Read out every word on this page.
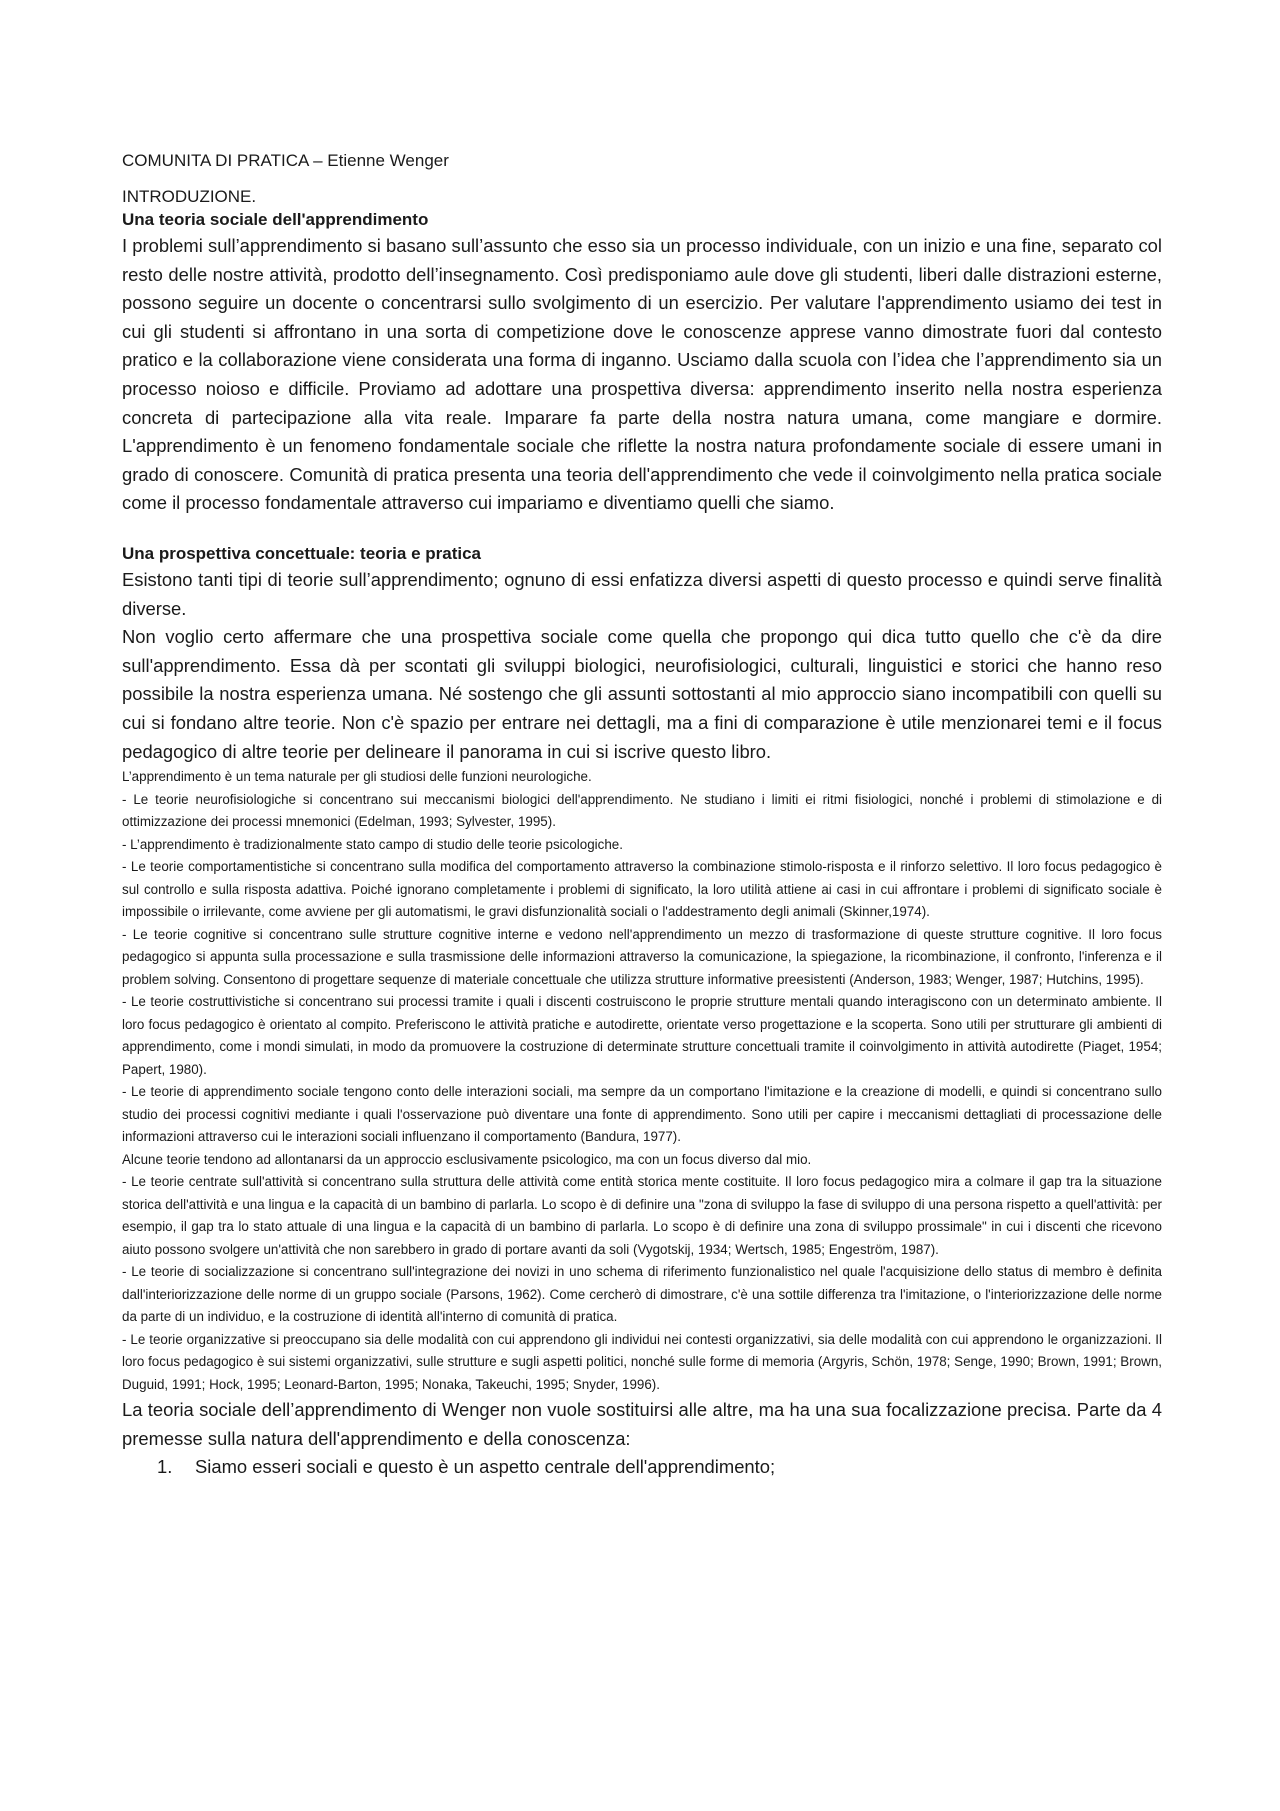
COMUNITA DI PRATICA – Etienne Wenger

INTRODUZIONE.

Una teoria sociale dell'apprendimento

I problemi sull’apprendimento si basano sull’assunto che esso sia un processo individuale, con un inizio e una fine, separato col resto delle nostre attività, prodotto dell’insegnamento. Così predisponiamo aule dove gli studenti, liberi dalle distrazioni esterne, possono seguire un docente o concentrarsi sullo svolgimento di un esercizio. Per valutare l'apprendimento usiamo dei test in cui gli studenti si affrontano in una sorta di competizione dove le conoscenze apprese vanno dimostrate fuori dal contesto pratico e la collaborazione viene considerata una forma di inganno. Usciamo dalla scuola con l’idea che l’apprendimento sia un processo noioso e difficile. Proviamo ad adottare una prospettiva diversa: apprendimento inserito nella nostra esperienza concreta di partecipazione alla vita reale. Imparare fa parte della nostra natura umana, come mangiare e dormire. L'apprendimento è un fenomeno fondamentale sociale che riflette la nostra natura profondamente sociale di essere umani in grado di conoscere. Comunità di pratica presenta una teoria dell'apprendimento che vede il coinvolgimento nella pratica sociale come il processo fondamentale attraverso cui impariamo e diventiamo quelli che siamo.

Una prospettiva concettuale: teoria e pratica

Esistono tanti tipi di teorie sull’apprendimento; ognuno di essi enfatizza diversi aspetti di questo processo e quindi serve finalità diverse.

Non voglio certo affermare che una prospettiva sociale come quella che propongo qui dica tutto quello che c'è da dire sull'apprendimento. Essa dà per scontati gli sviluppi biologici, neurofisiologici, culturali, linguistici e storici che hanno reso possibile la nostra esperienza umana. Né sostengo che gli assunti sottostanti al mio approccio siano incompatibili con quelli su cui si fondano altre teorie. Non c'è spazio per entrare nei dettagli, ma a fini di comparazione è utile menzionarei temi e il focus pedagogico di altre teorie per delineare il panorama in cui si iscrive questo libro.

L’apprendimento è un tema naturale per gli studiosi delle funzioni neurologiche.

- Le teorie neurofisiologiche si concentrano sui meccanismi biologici dell'apprendimento. Ne studiano i limiti ei ritmi fisiologici, nonché i problemi di stimolazione e di ottimizzazione dei processi mnemonici (Edelman, 1993; Sylvester, 1995).

- L’apprendimento è tradizionalmente stato campo di studio delle teorie psicologiche.

- Le teorie comportamentistiche si concentrano sulla modifica del comportamento attraverso la combinazione stimolo-risposta e il rinforzo selettivo. Il loro focus pedagogico è sul controllo e sulla risposta adattiva. Poiché ignorano completamente i problemi di significato, la loro utilità attiene ai casi in cui affrontare i problemi di significato sociale è impossibile o irrilevante, come avviene per gli automatismi, le gravi disfunzionalità sociali o l'addestramento degli animali (Skinner,1974).

- Le teorie cognitive si concentrano sulle strutture cognitive interne e vedono nell'apprendimento un mezzo di trasformazione di queste strutture cognitive. Il loro focus pedagogico si appunta sulla processazione e sulla trasmissione delle informazioni attraverso la comunicazione, la spiegazione, la ricombinazione, il confronto, l'inferenza e il problem solving. Consentono di progettare sequenze di materiale concettuale che utilizza strutture informative preesistenti (Anderson, 1983; Wenger, 1987; Hutchins, 1995).

- Le teorie costruttivistiche si concentrano sui processi tramite i quali i discenti costruiscono le proprie strutture mentali quando interagiscono con un determinato ambiente. Il loro focus pedagogico è orientato al compito. Preferiscono le attività pratiche e autodirette, orientate verso progettazione e la scoperta. Sono utili per strutturare gli ambienti di apprendimento, come i mondi simulati, in modo da promuovere la costruzione di determinate strutture concettuali tramite il coinvolgimento in attività autodirette (Piaget, 1954; Papert, 1980).

- Le teorie di apprendimento sociale tengono conto delle interazioni sociali, ma sempre da un comportano l'imitazione e la creazione di modelli, e quindi si concentrano sullo studio dei processi cognitivi mediante i quali l'osservazione può diventare una fonte di apprendimento. Sono utili per capire i meccanismi dettagliati di processazione delle informazioni attraverso cui le interazioni sociali influenzano il comportamento (Bandura, 1977).

Alcune teorie tendono ad allontanarsi da un approccio esclusivamente psicologico, ma con un focus diverso dal mio.

- Le teorie centrate sull'attività si concentrano sulla struttura delle attività come entità storica mente costituite. Il loro focus pedagogico mira a colmare il gap tra la situazione storica dell'attività e una lingua e la capacità di un bambino di parlarla. Lo scopo è di definire una "zona di sviluppo la fase di sviluppo di una persona rispetto a quell'attività: per esempio, il gap tra lo stato attuale di una lingua e la capacità di un bambino di parlarla. Lo scopo è di definire una zona di sviluppo prossimale" in cui i discenti che ricevono aiuto possono svolgere un'attività che non sarebbero in grado di portare avanti da soli (Vygotskij, 1934; Wertsch, 1985; Engeström, 1987).

- Le teorie di socializzazione si concentrano sull'integrazione dei novizi in uno schema di riferimento funzionalistico nel quale l'acquisizione dello status di membro è definita dall'interiorizzazione delle norme di un gruppo sociale (Parsons, 1962). Come cercherò di dimostrare, c'è una sottile differenza tra l'imitazione, o l'interiorizzazione delle norme da parte di un individuo, e la costruzione di identità all'interno di comunità di pratica.

- Le teorie organizzative si preoccupano sia delle modalità con cui apprendono gli individui nei contesti organizzativi, sia delle modalità con cui apprendono le organizzazioni. Il loro focus pedagogico è sui sistemi organizzativi, sulle strutture e sugli aspetti politici, nonché sulle forme di memoria (Argyris, Schön, 1978; Senge, 1990; Brown, 1991; Brown, Duguid, 1991; Hock, 1995; Leonard-Barton, 1995; Nonaka, Takeuchi, 1995; Snyder, 1996).

La teoria sociale dell’apprendimento di Wenger non vuole sostituirsi alle altre, ma ha una sua focalizzazione precisa. Parte da 4 premesse sulla natura dell'apprendimento e della conoscenza:

1.	Siamo esseri sociali e questo è un aspetto centrale dell'apprendimento;
